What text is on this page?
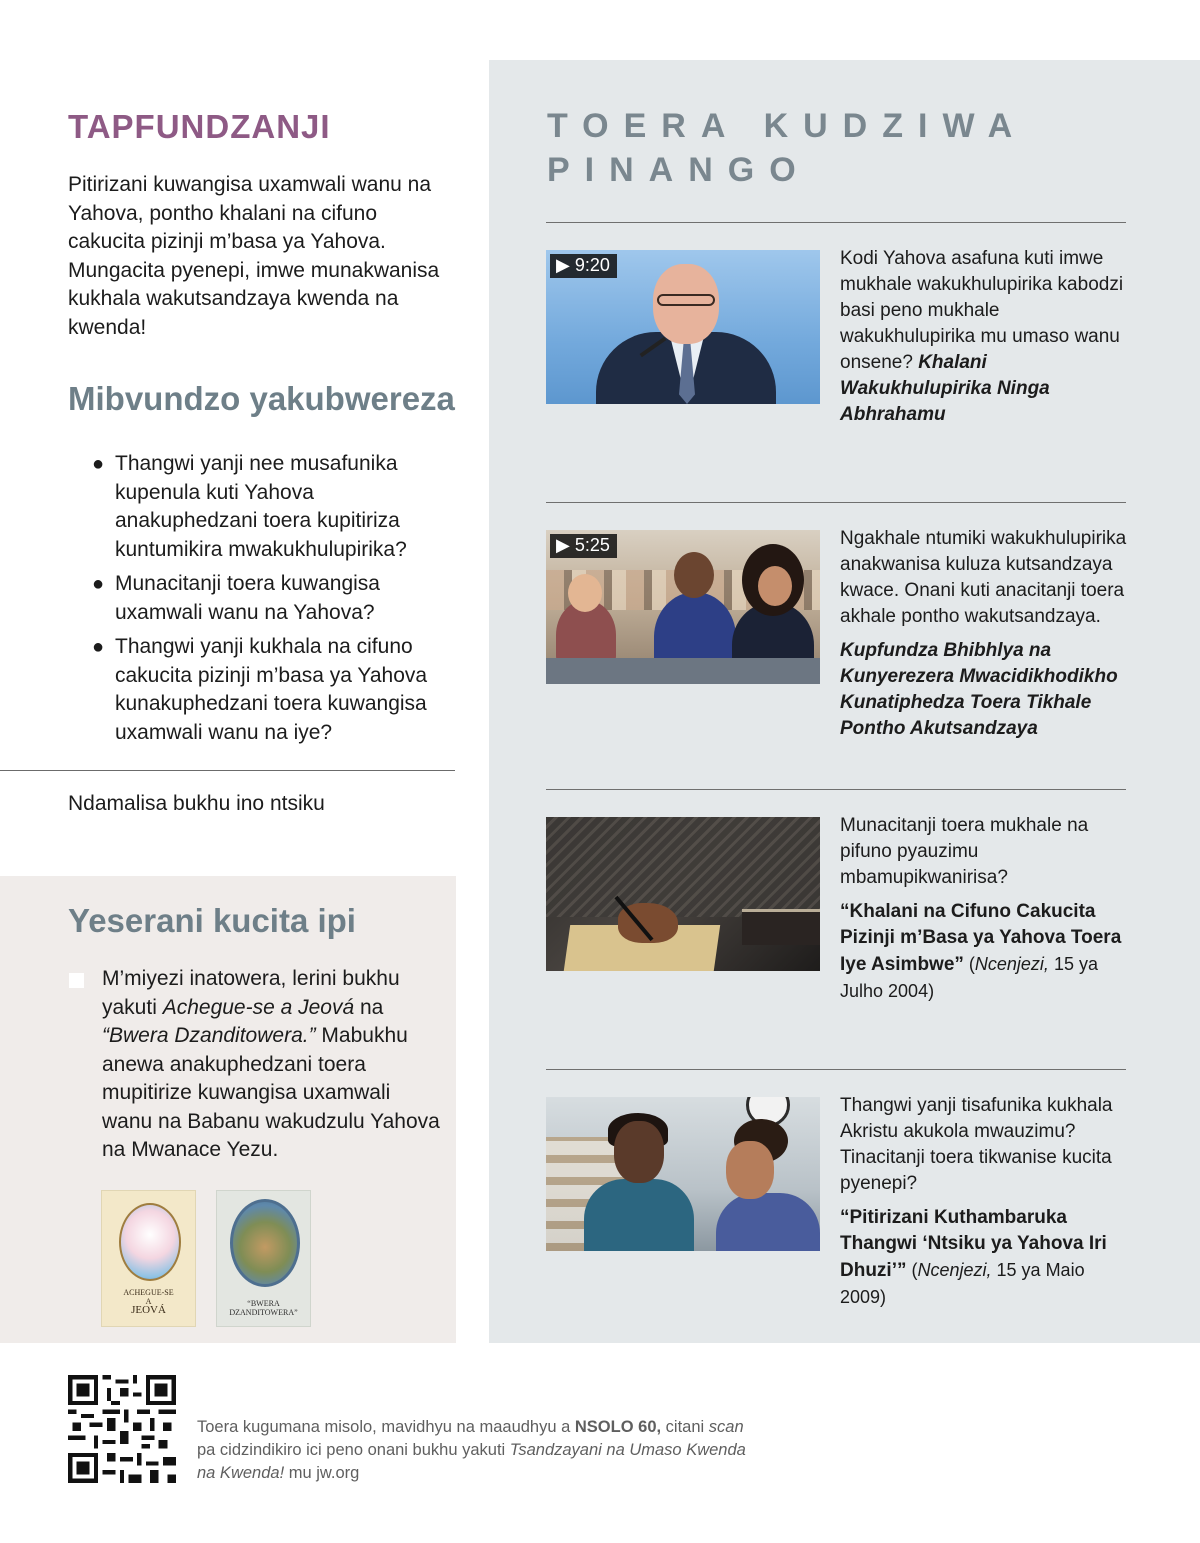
TAPFUNDZANJI

Pitirizani kuwangisa uxamwali wanu na Yahova, pontho khalani na cifuno cakucita pizinji m’basa ya Yahova. Mungacita pyenepi, imwe munakwanisa kukhala wakutsandzaya kwenda na kwenda!

Mibvundzo yakubwereza
● Thangwi yanji nee musafunika kupenula kuti Yahova anakuphedzani toera kupitiriza kuntumikira mwakukhulupirika?
● Munacitanji toera kuwangisa uxamwali wanu na Yahova?
● Thangwi yanji kukhala na cifuno cakucita pizinji m’basa ya Yahova kunakuphedzani toera kuwangisa uxamwali wanu na iye?

Ndamalisa bukhu ino ntsiku

Yeserani kucita ipi

M’miyezi inatowera, lerini bukhu yakuti Achegue-se a Jeová na “Bwera Dzanditowera.” Mabukhu anewa anakuphedzani toera mupitirize kuwangisa uxamwali wanu na Babanu wakudzulu Yahova na Mwanace Yezu.

ACHEGUE-SE
A
JEOVÁ
“BWERA
DZANDITOWERA”
TOERA KUDZIWA PINANGO
▶ 9:20	Kodi Yahova asafuna kuti imwe mukhale wakukhulupirika kabodzi basi peno mukhale wakukhulupirika mu umaso wanu onsene? Khalani Wakukhulupirika Ninga Abhrahamu

▶ 5:25	Ngakhale ntumiki wakukhulupirika anakwanisa kuluza kutsandzaya kwace. Onani kuti anacitanji toera akhale pontho wakutsandzaya.

Kupfundza Bhibhlya na Kunyerezera Mwacidikhodikho Kunatiphedza Toera Tikhale Pontho Akutsandzaya

Munacitanji toera mukhale na pifuno pyauzimu mbamupikwanirisa?

“Khalani na Cifuno Cakucita Pizinji m’Basa ya Yahova Toera Iye Asimbwe” (Ncenjezi, 15 ya Julho 2004)

Thangwi yanji tisafunika kukhala Akristu akukola mwauzimu? Tinacitanji toera tikwanise kucita pyenepi?

“Pitirizani Kuthambaruka Thangwi ‘Ntsiku ya Yahova Iri Dhuzi’” (Ncenjezi, 15 ya Maio 2009)

Toera kugumana misolo, mavidhyu na maaudhyu a NSOLO 60, citani scan pa cidzindikiro ici peno onani bukhu yakuti Tsandzayani na Umaso Kwenda na Kwenda! mu jw.org
